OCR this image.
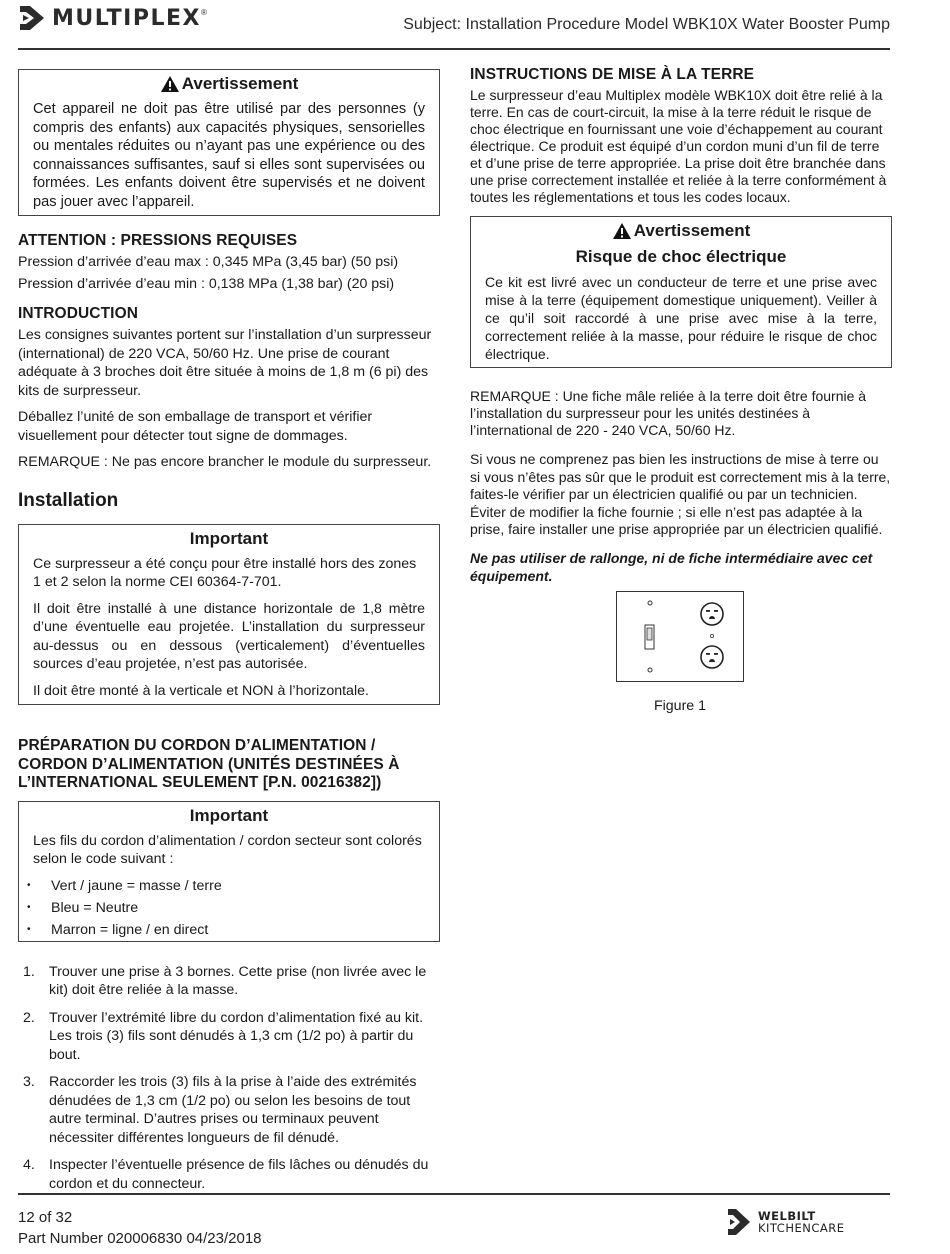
MULTIPLEX ®
Subject: Installation Procedure Model WBK10X Water Booster Pump
Avertissement

Cet appareil ne doit pas être utilisé par des personnes (y compris des enfants) aux capacités physiques, sensorielles ou mentales réduites ou n’ayant pas une expérience ou des connaissances suffisantes, sauf si elles sont supervisées ou formées. Les enfants doivent être supervisés et ne doivent pas jouer avec l’appareil.

ATTENTION : PRESSIONS REQUISES

Pression d’arrivée d’eau max : 0,345 MPa (3,45 bar) (50 psi)

Pression d’arrivée d’eau min : 0,138 MPa (1,38 bar) (20 psi)

INTRODUCTION

Les consignes suivantes portent sur l’installation d’un surpresseur (international) de 220 VCA, 50/60 Hz. Une prise de courant adéquate à 3 broches doit être située à moins de 1,8 m (6 pi) des kits de surpresseur.

Déballez l’unité de son emballage de transport et vérifier visuellement pour détecter tout signe de dommages.

REMARQUE : Ne pas encore brancher le module du surpresseur.

Installation
Important

Ce surpresseur a été conçu pour être installé hors des zones 1 et 2 selon la norme CEI 60364-7-701.

Il doit être installé à une distance horizontale de 1,8 mètre d’une éventuelle eau projetée. L’installation du surpresseur au-dessus ou en dessous (verticalement) d’éventuelles sources d’eau projetée, n’est pas autorisée.

Il doit être monté à la verticale et NON à l’horizontale.

PRÉPARATION DU CORDON D’ALIMENTATION / CORDON D’ALIMENTATION (UNITÉS DESTINÉES À L’INTERNATIONAL SEULEMENT [P.N. 00216382])
Important

Les fils du cordon d’alimentation / cordon secteur sont colorés selon le code suivant :

• Vert / jaune = masse / terre
• Bleu = Neutre
• Marron = ligne / en direct
1. Trouver une prise à 3 bornes. Cette prise (non livrée avec le kit) doit être reliée à la masse.
2. Trouver l’extrémité libre du cordon d’alimentation fixé au kit. Les trois (3) fils sont dénudés à 1,3 cm (1/2 po) à partir du bout.
3. Raccorder les trois (3) fils à la prise à l’aide des extrémités dénudées de 1,3 cm (1/2 po) ou selon les besoins de tout autre terminal. D’autres prises ou terminaux peuvent nécessiter différentes longueurs de fil dénudé.
4. Inspecter l’éventuelle présence de fils lâches ou dénudés du cordon et du connecteur.
INSTRUCTIONS DE MISE À LA TERRE

Le surpresseur d’eau Multiplex modèle WBK10X doit être relié à la terre. En cas de court-circuit, la mise à la terre réduit le risque de choc électrique en fournissant une voie d’échappement au courant électrique. Ce produit est équipé d’un cordon muni d’un fil de terre et d’une prise de terre appropriée. La prise doit être branchée dans une prise correctement installée et reliée à la terre conformément à toutes les réglementations et tous les codes locaux.

Avertissement
Risque de choc électrique

Ce kit est livré avec un conducteur de terre et une prise avec mise à la terre (équipement domestique uniquement). Veiller à ce qu’il soit raccordé à une prise avec mise à la terre, correctement reliée à la masse, pour réduire le risque de choc électrique.

REMARQUE : Une fiche mâle reliée à la terre doit être fournie à l’installation du surpresseur pour les unités destinées à l’international de 220 - 240 VCA, 50/60 Hz.

Si vous ne comprenez pas bien les instructions de mise à terre ou si vous n’êtes pas sûr que le produit est correctement mis à la terre, faites-le vérifier par un électricien qualifié ou par un technicien. Éviter de modifier la fiche fournie ; si elle n’est pas adaptée à la prise, faire installer une prise appropriée par un électricien qualifié.

Ne pas utiliser de rallonge, ni de fiche intermédiaire avec cet équipement.

Figure 1
12 of 32
Part Number 020006830 04/23/2018
WELBILT
KITCHENCARE
